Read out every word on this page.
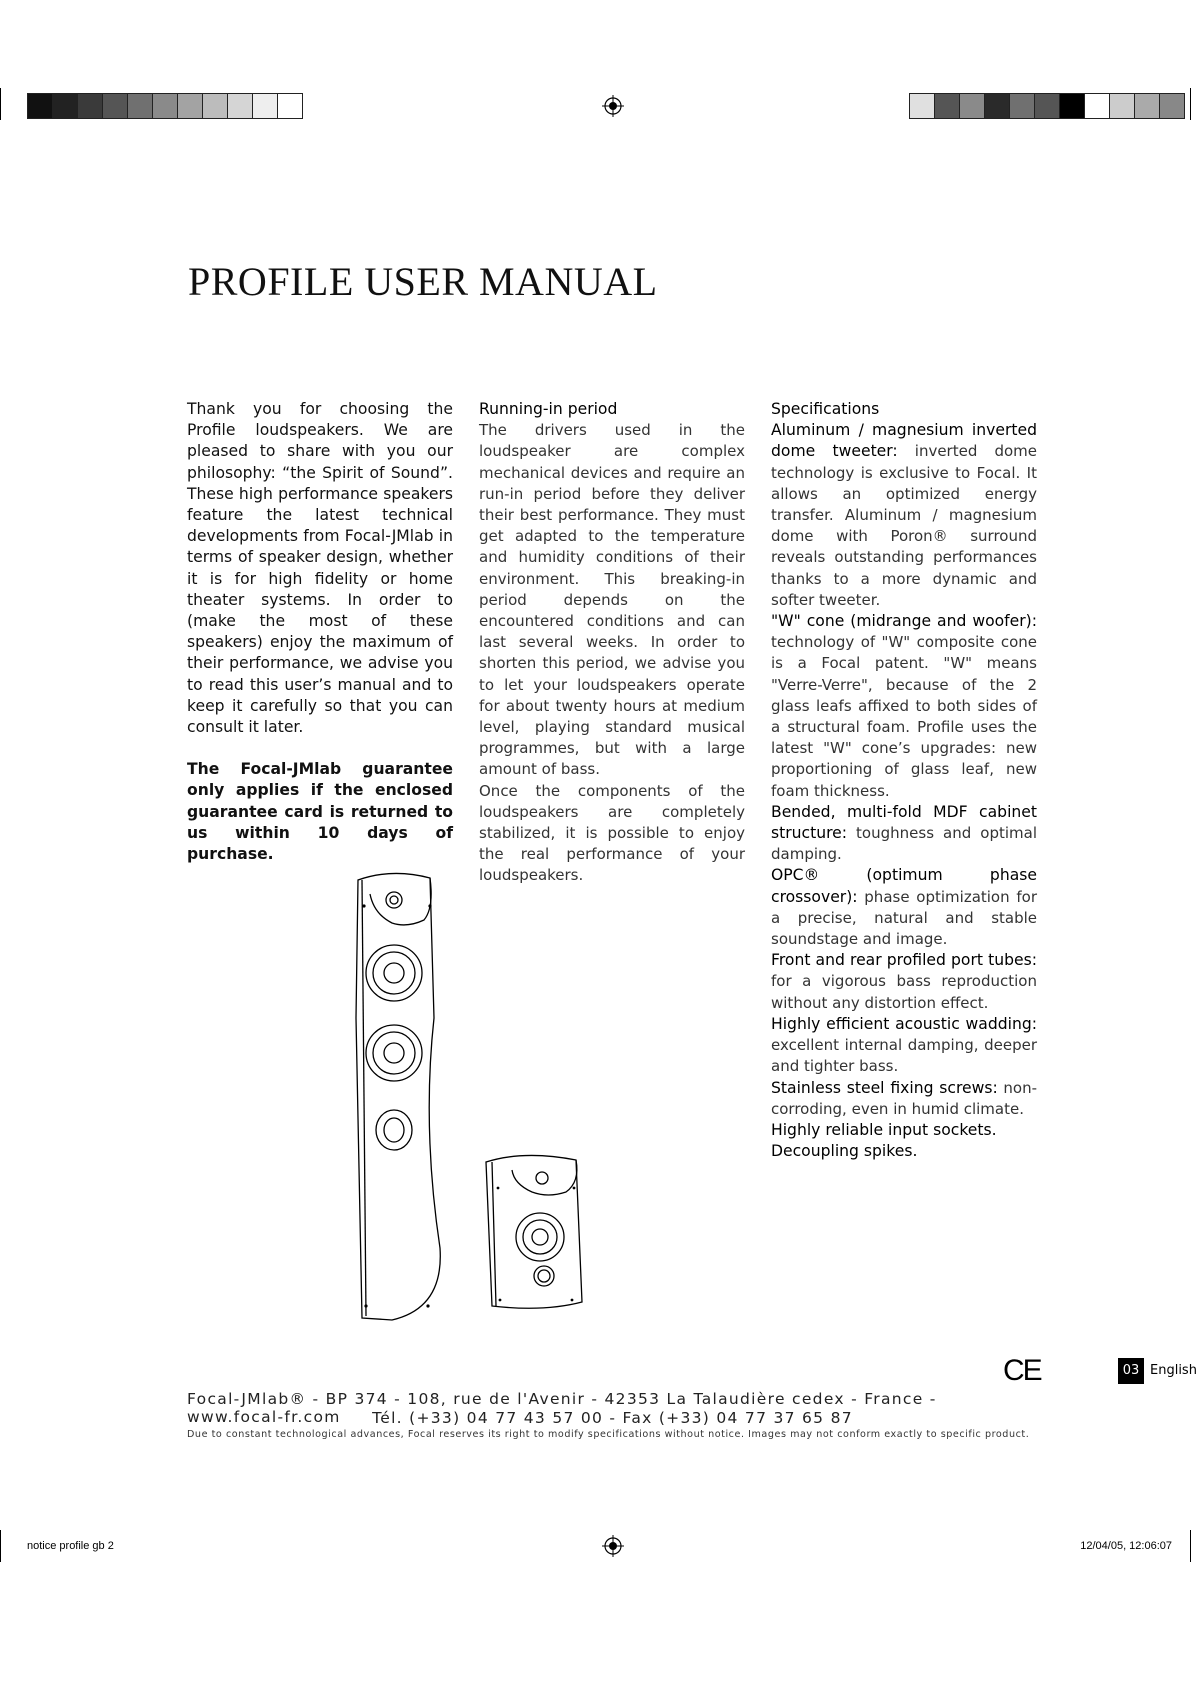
PROFILE USER MANUAL

Thank you for choosing the Profile loudspeakers. We are pleased to share with you our philosophy: “the Spirit of Sound”. These high performance speakers feature the latest technical developments from Focal-JMlab in terms of speaker design, whether it is for high fidelity or home theater systems. In order to (make the most of these speakers) enjoy the maximum of their performance, we advise you to read this user’s manual and to keep it carefully so that you can consult it later.

The Focal-JMlab guarantee only applies if the enclosed guarantee card is returned to us within 10 days of purchase.

Running-in period

The drivers used in the loudspeaker are complex mechanical devices and require an run-in period before they deliver their best performance. They must get adapted to the temperature and humidity conditions of their environment. This breaking-in period depends on the encountered conditions and can last several weeks. In order to shorten this period, we advise you to let your loudspeakers operate for about twenty hours at medium level, playing standard musical programmes, but with a large amount of bass.

Once the components of the loudspeakers are completely stabilized, it is possible to enjoy the real performance of your loudspeakers.

Specifications

Aluminum / magnesium inverted dome tweeter: inverted dome technology is exclusive to Focal. It allows an optimized energy transfer. Aluminum / magnesium dome with Poron® surround reveals outstanding performances thanks to a more dynamic and softer tweeter.

"W" cone (midrange and woofer): technology of "W" composite cone is a Focal patent. "W" means "Verre-Verre", because of the 2 glass leafs affixed to both sides of a structural foam. Profile uses the latest "W" cone’s upgrades: new proportioning of glass leaf, new foam thickness.

Bended, multi-fold MDF cabinet structure: toughness and optimal damping.

OPC® (optimum phase crossover): phase optimization for a precise, natural and stable soundstage and image.

Front and rear profiled port tubes: for a vigorous bass reproduction without any distortion effect.

Highly efficient acoustic wadding: excellent internal damping, deeper and tighter bass.

Stainless steel fixing screws: non-corroding, even in humid climate.

Highly reliable input sockets.

Decoupling spikes.

CE	03 English
Focal-JMlab® - BP 374 - 108, rue de l'Avenir - 42353 La Talaudière cedex - France - www.focal-fr.com	Tél. (+33) 04 77 43 57 00 - Fax (+33) 04 77 37 65 87
Due to constant technological advances, Focal reserves its right to modify specifications without notice. Images may not conform exactly to specific product.
notice profile gb 2	12/04/05, 12:06:07
